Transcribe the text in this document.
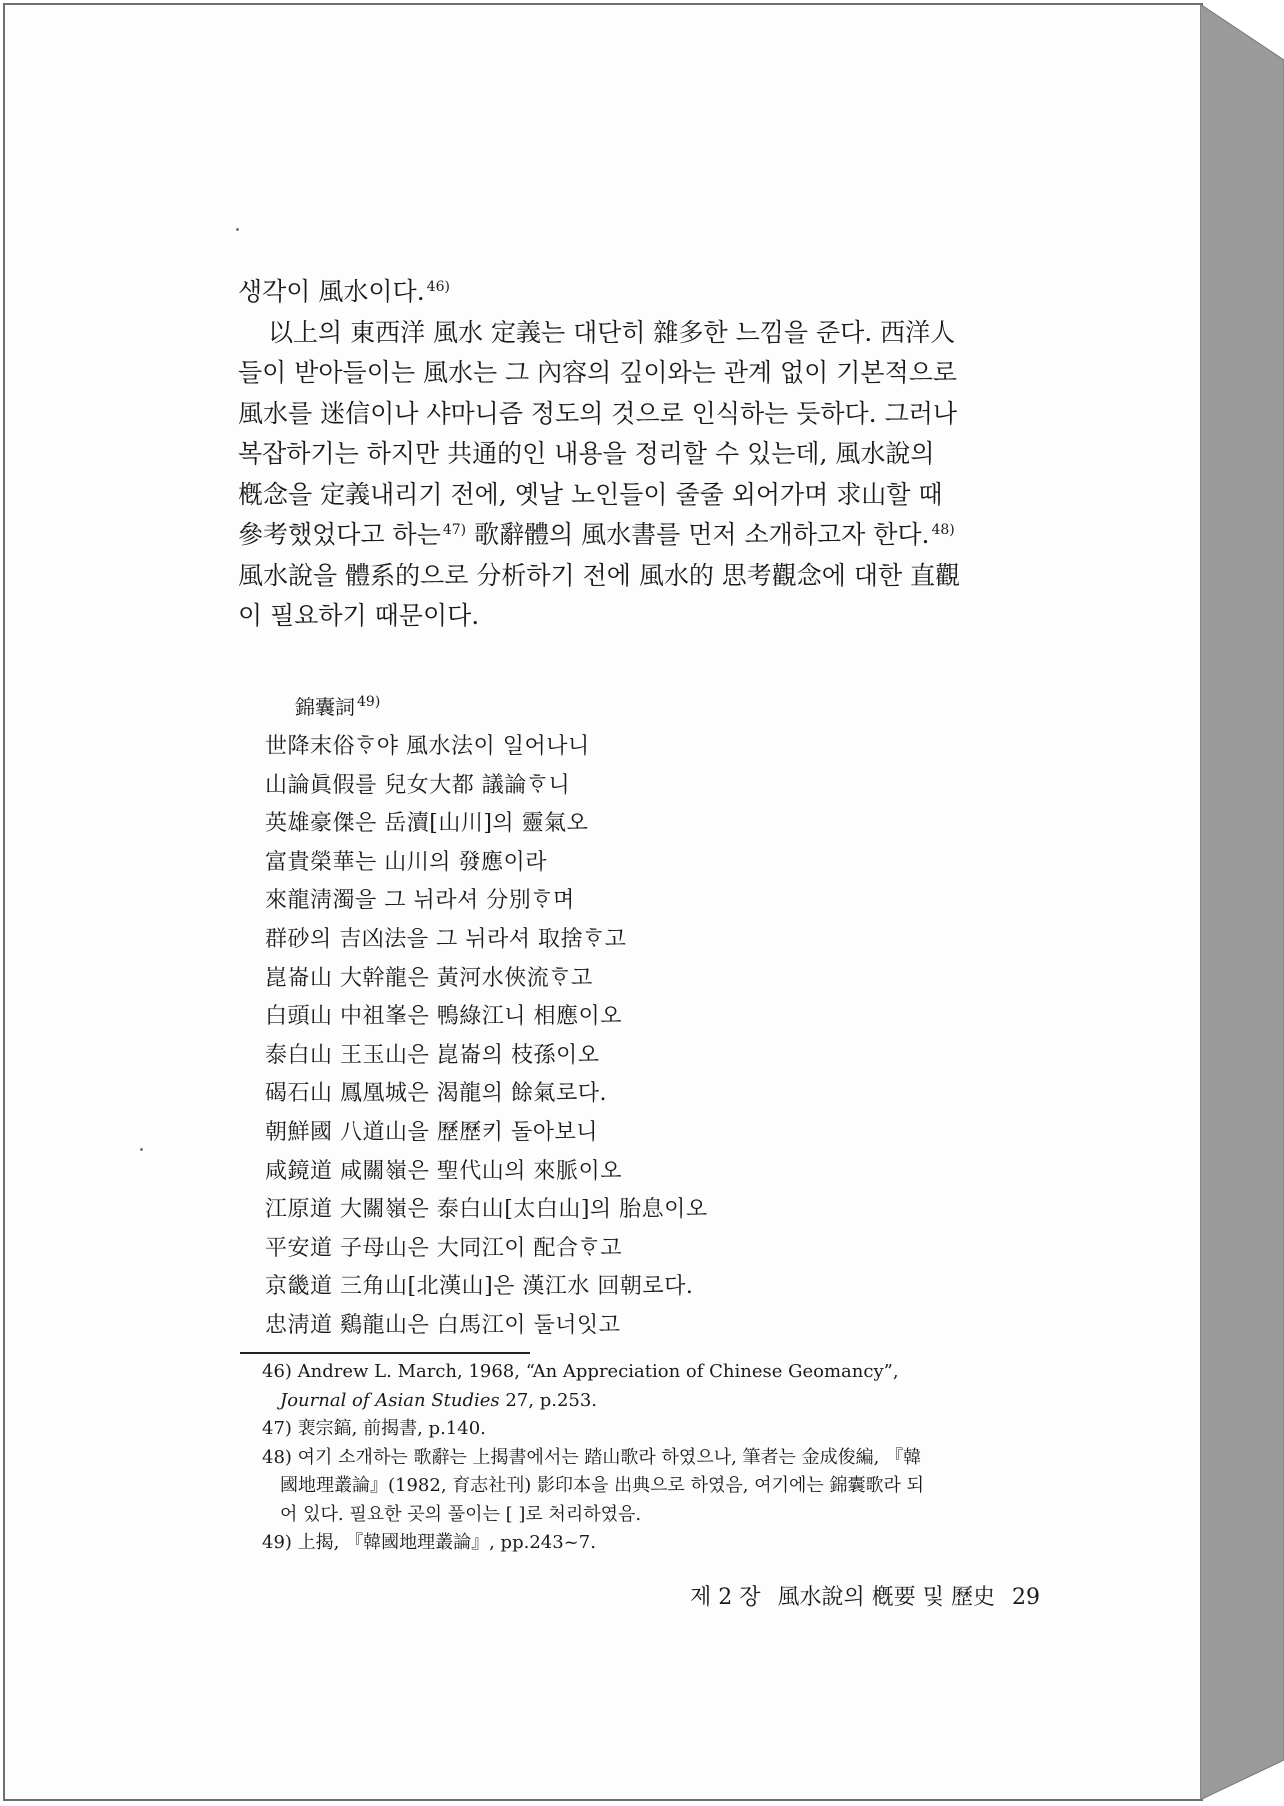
생각이 風水이다. $^{46)}$

以上의 東西洋 風水 定義는 대단히 雜多한 느낌을 준다. 西洋人

들이 받아들이는 風水는 그 內容의 깊이와는 관계 없이 기본적으로

風水를 迷信이나 샤마니즘 정도의 것으로 인식하는 듯하다. 그러나

복잡하기는 하지만 共通的인 내용을 정리할 수 있는데, 風水說의

槪念을 定義내리기 전에, 옛날 노인들이 줄줄 외어가며 求山할 때

參考했었다고 하는 $^{47)}$ 歌辭體의 風水書를 먼저 소개하고자 한다. $^{48)}$

風水說을 體系的으로 分析하기 전에 風水的 思考觀念에 대한 直觀

이 필요하기 때문이다.

錦囊詞 $^{49)}$
世降末俗ᄒᆞ야 風水法이 일어나니
山論眞假를 兒女大都 議論ᄒᆞ니
英雄豪傑은 岳瀆[山川]의 靈氣오
富貴榮華는 山川의 發應이라
來龍淸濁을 그 뉘라셔 分別ᄒᆞ며
群砂의 吉凶法을 그 뉘라셔 取捨ᄒᆞ고
崑崙山 大幹龍은 黃河水俠流ᄒᆞ고
白頭山 中祖峯은 鴨綠江니 相應이오
泰白山 王玉山은 崑崙의 枝孫이오
碣石山 鳳凰城은 渴龍의 餘氣로다.
朝鮮國 八道山을 歷歷키 돌아보니
咸鏡道 咸關嶺은 聖代山의 來脈이오
江原道 大關嶺은 泰白山[太白山]의 胎息이오
平安道 子母山은 大同江이 配合ᄒᆞ고
京畿道 三角山[北漢山]은 漢江水 回朝로다.
忠淸道 鷄龍山은 白馬江이 둘너잇고
46) Andrew L. March, 1968, “An Appreciation of Chinese Geomancy”,
Journal of Asian Studies 27, p.253.
47) 裵宗鎬, 前揭書, p.140.
48) 여기 소개하는 歌辭는 上揭書에서는 踏山歌라 하였으나, 筆者는 金成俊編, 『韓
國地理叢論』(1982, 育志社刊) 影印本을 出典으로 하였음, 여기에는 錦囊歌라 되
어 있다. 필요한 곳의 풀이는 [ ]로 처리하였음.
49) 上揭, 『韓國地理叢論』, pp.243~7.
제 2 장 風水說의 槪要 및 歷史 29
